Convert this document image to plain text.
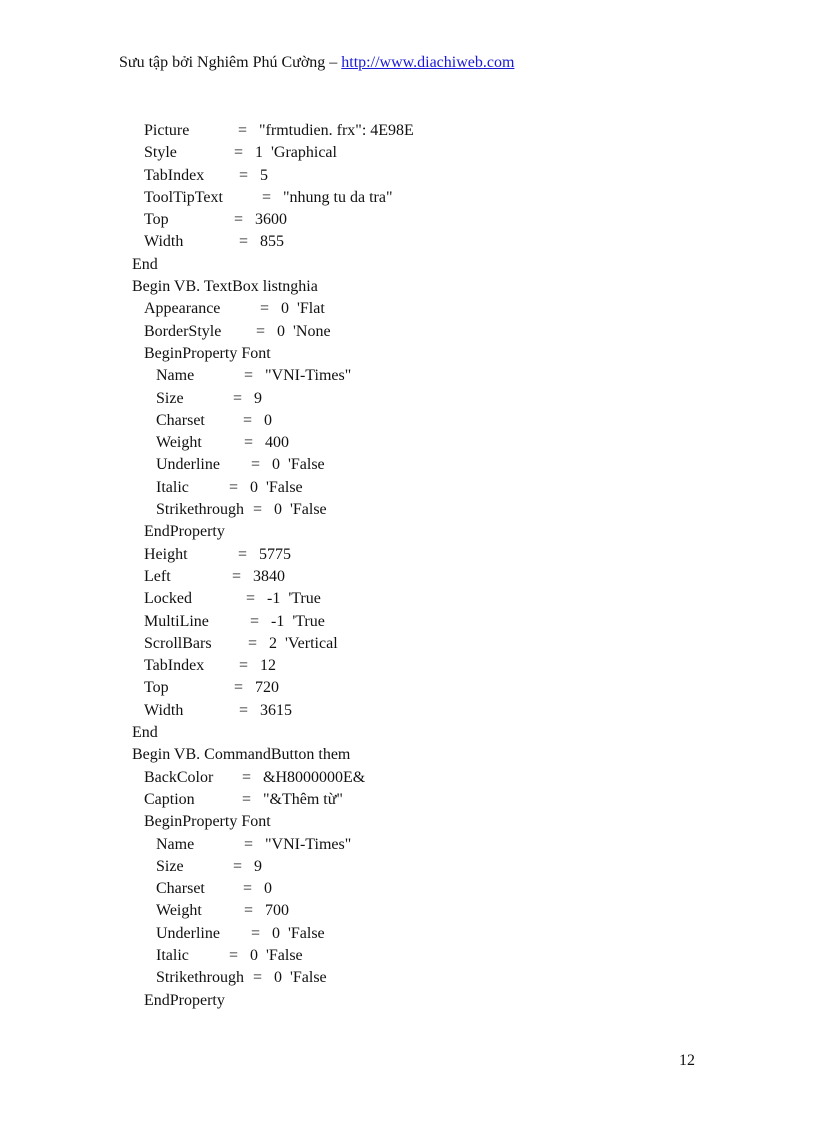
Sưu tập bởi Nghiêm Phú Cường – http://www.diachiweb.com
Picture	= "frmtudien. frx": 4E98E
Style	= 1  'Graphical
TabIndex = 5
ToolTipText = "nhung tu da tra"
Top	= 3600
Width	= 855
End
Begin VB. TextBox listnghia
Appearance = 0  'Flat
BorderStyle = 0  'None
BeginProperty Font
Name	= "VNI-Times"
Size	= 9
Charset = 0
Weight	= 400
Underline = 0  'False
Italic	= 0  'False
Strikethrough = 0  'False
EndProperty
Height	= 5775
Left	= 3840
Locked	= -1  'True
MultiLine	= -1  'True
ScrollBars = 2  'Vertical
TabIndex = 12
Top	= 720
Width	= 3615
End
Begin VB. CommandButton them
BackColor = &H8000000E&
Caption	= "&Thêm từ"
BeginProperty Font
Name	= "VNI-Times"
Size	= 9
Charset = 0
Weight	= 700
Underline = 0  'False
Italic	= 0  'False
Strikethrough = 0  'False
EndProperty
12
